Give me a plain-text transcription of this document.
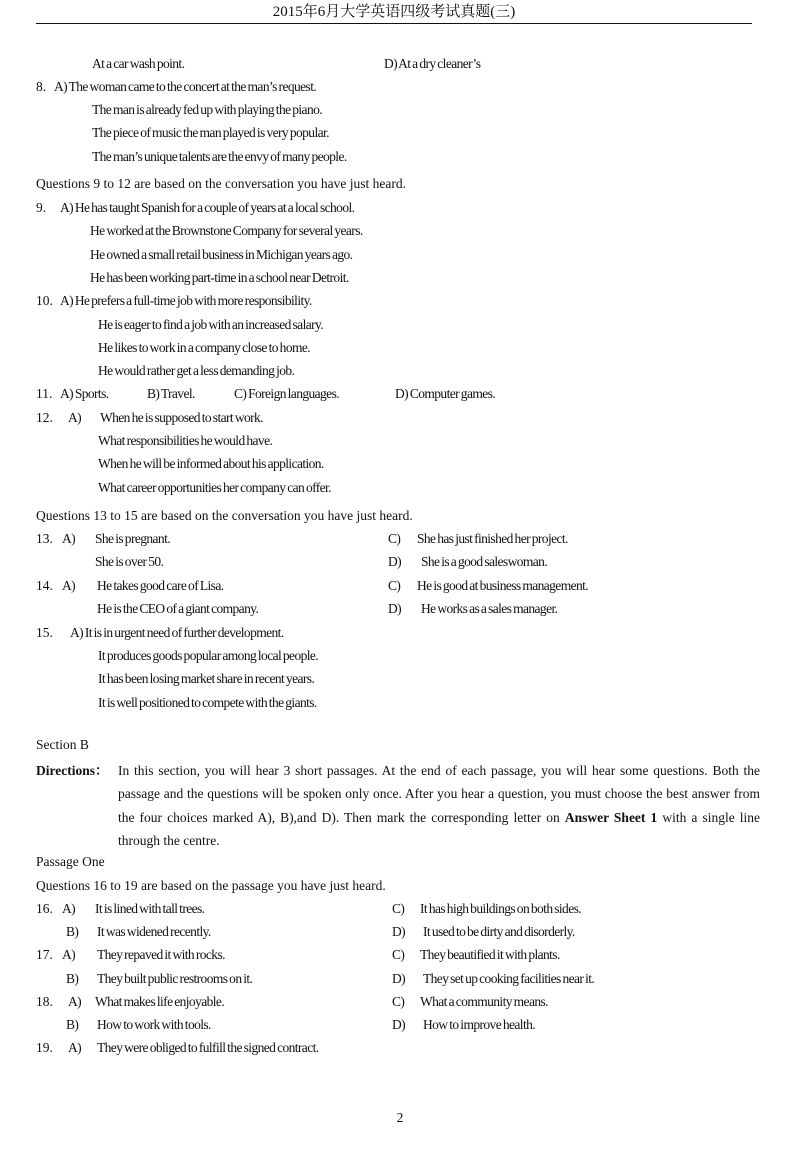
2015年6月大学英语四级考试真题(三)
At a car wash point.	D) At a dry cleaner’s
8. A) The woman came to the concert at the man’s request.
The man is already fed up with playing the piano.
The piece of music the man played is very popular.
The man’s unique talents are the envy of many people.
Questions 9 to 12 are based on the conversation you have just heard.
9. A) He has taught Spanish for a couple of years at a local school.
He worked at the Brownstone Company for several years.
He owned a small retail business in Michigan years ago.
He has been working part-time in a school near Detroit.
10. A) He prefers a full-time job with more responsibility.
He is eager to find a job with an increased salary.
He likes to work in a company close to home.
He would rather get a less demanding job.
11. A) Sports.	B) Travel.	C) Foreign languages.	D) Computer games.
12. A) When he is supposed to start work.
What responsibilities he would have.
When he will be informed about his application.
What career opportunities her company can offer.
Questions 13 to 15 are based on the conversation you have just heard.
13. A) She is pregnant.
She is over 50.
C) She has just finished her project.
D) She is a good saleswoman.
14. A) He takes good care of Lisa.
He is the CEO of a giant company.
C) He is good at business management.
D) He works as a sales manager.
15. A) It is in urgent need of further development.
It produces goods popular among local people.
It has been losing market share in recent years.
It is well positioned to compete with the giants.
Section B
Directions： In this section, you will hear 3 short passages. At the end of each passage, you will hear some questions. Both the passage and the questions will be spoken only once. After you hear a question, you must choose the best answer from the four choices marked A), B),and D). Then mark the corresponding letter on Answer Sheet 1 with a single line through the centre.
Passage One
Questions 16 to 19 are based on the passage you have just heard.
16. A) It is lined with tall trees.
B) It was widened recently.
C) It has high buildings on both sides.
D) It used to be dirty and disorderly.
17. A) They repaved it with rocks.
B) They built public restrooms on it.
C) They beautified it with plants.
D) They set up cooking facilities near it.
18. A) What makes life enjoyable.
B) How to work with tools.
C) What a community means.
D) How to improve health.
19. A) They were obliged to fulfill the signed contract.
2
